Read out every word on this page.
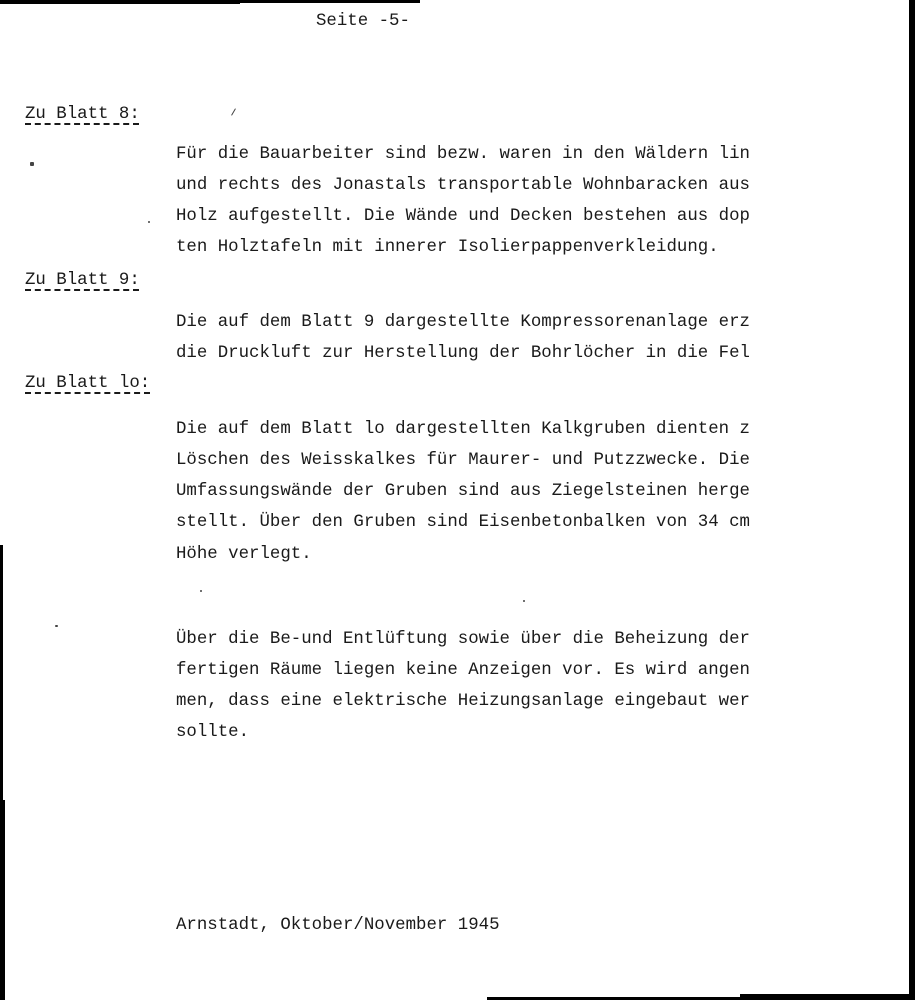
Seite -5-
Zu Blatt 8:
Für die Bauarbeiter sind bezw. waren in den Wäldern lin
und rechts des Jonastals transportable Wohnbaracken aus
Holz aufgestellt. Die Wände und Decken bestehen aus dop
ten Holztafeln mit innerer Isolierpappenverkleidung.
Zu Blatt 9:
Die auf dem Blatt 9 dargestellte Kompressorenanlage erz
die Druckluft zur Herstellung der Bohrlöcher in die Fel
Zu Blatt lo:
Die auf dem Blatt lo dargestellten Kalkgruben dienten z
Löschen des Weisskalkes für Maurer- und Putzzwecke. Die
Umfassungswände der Gruben sind aus Ziegelsteinen herge
stellt. Über den Gruben sind Eisenbetonbalken von 34 cm
Höhe verlegt.
Über die Be-und Entlüftung sowie über die Beheizung der
fertigen Räume liegen keine Anzeigen vor. Es wird angen
men, dass eine elektrische Heizungsanlage eingebaut wer
sollte.
Arnstadt, Oktober/November 1945
